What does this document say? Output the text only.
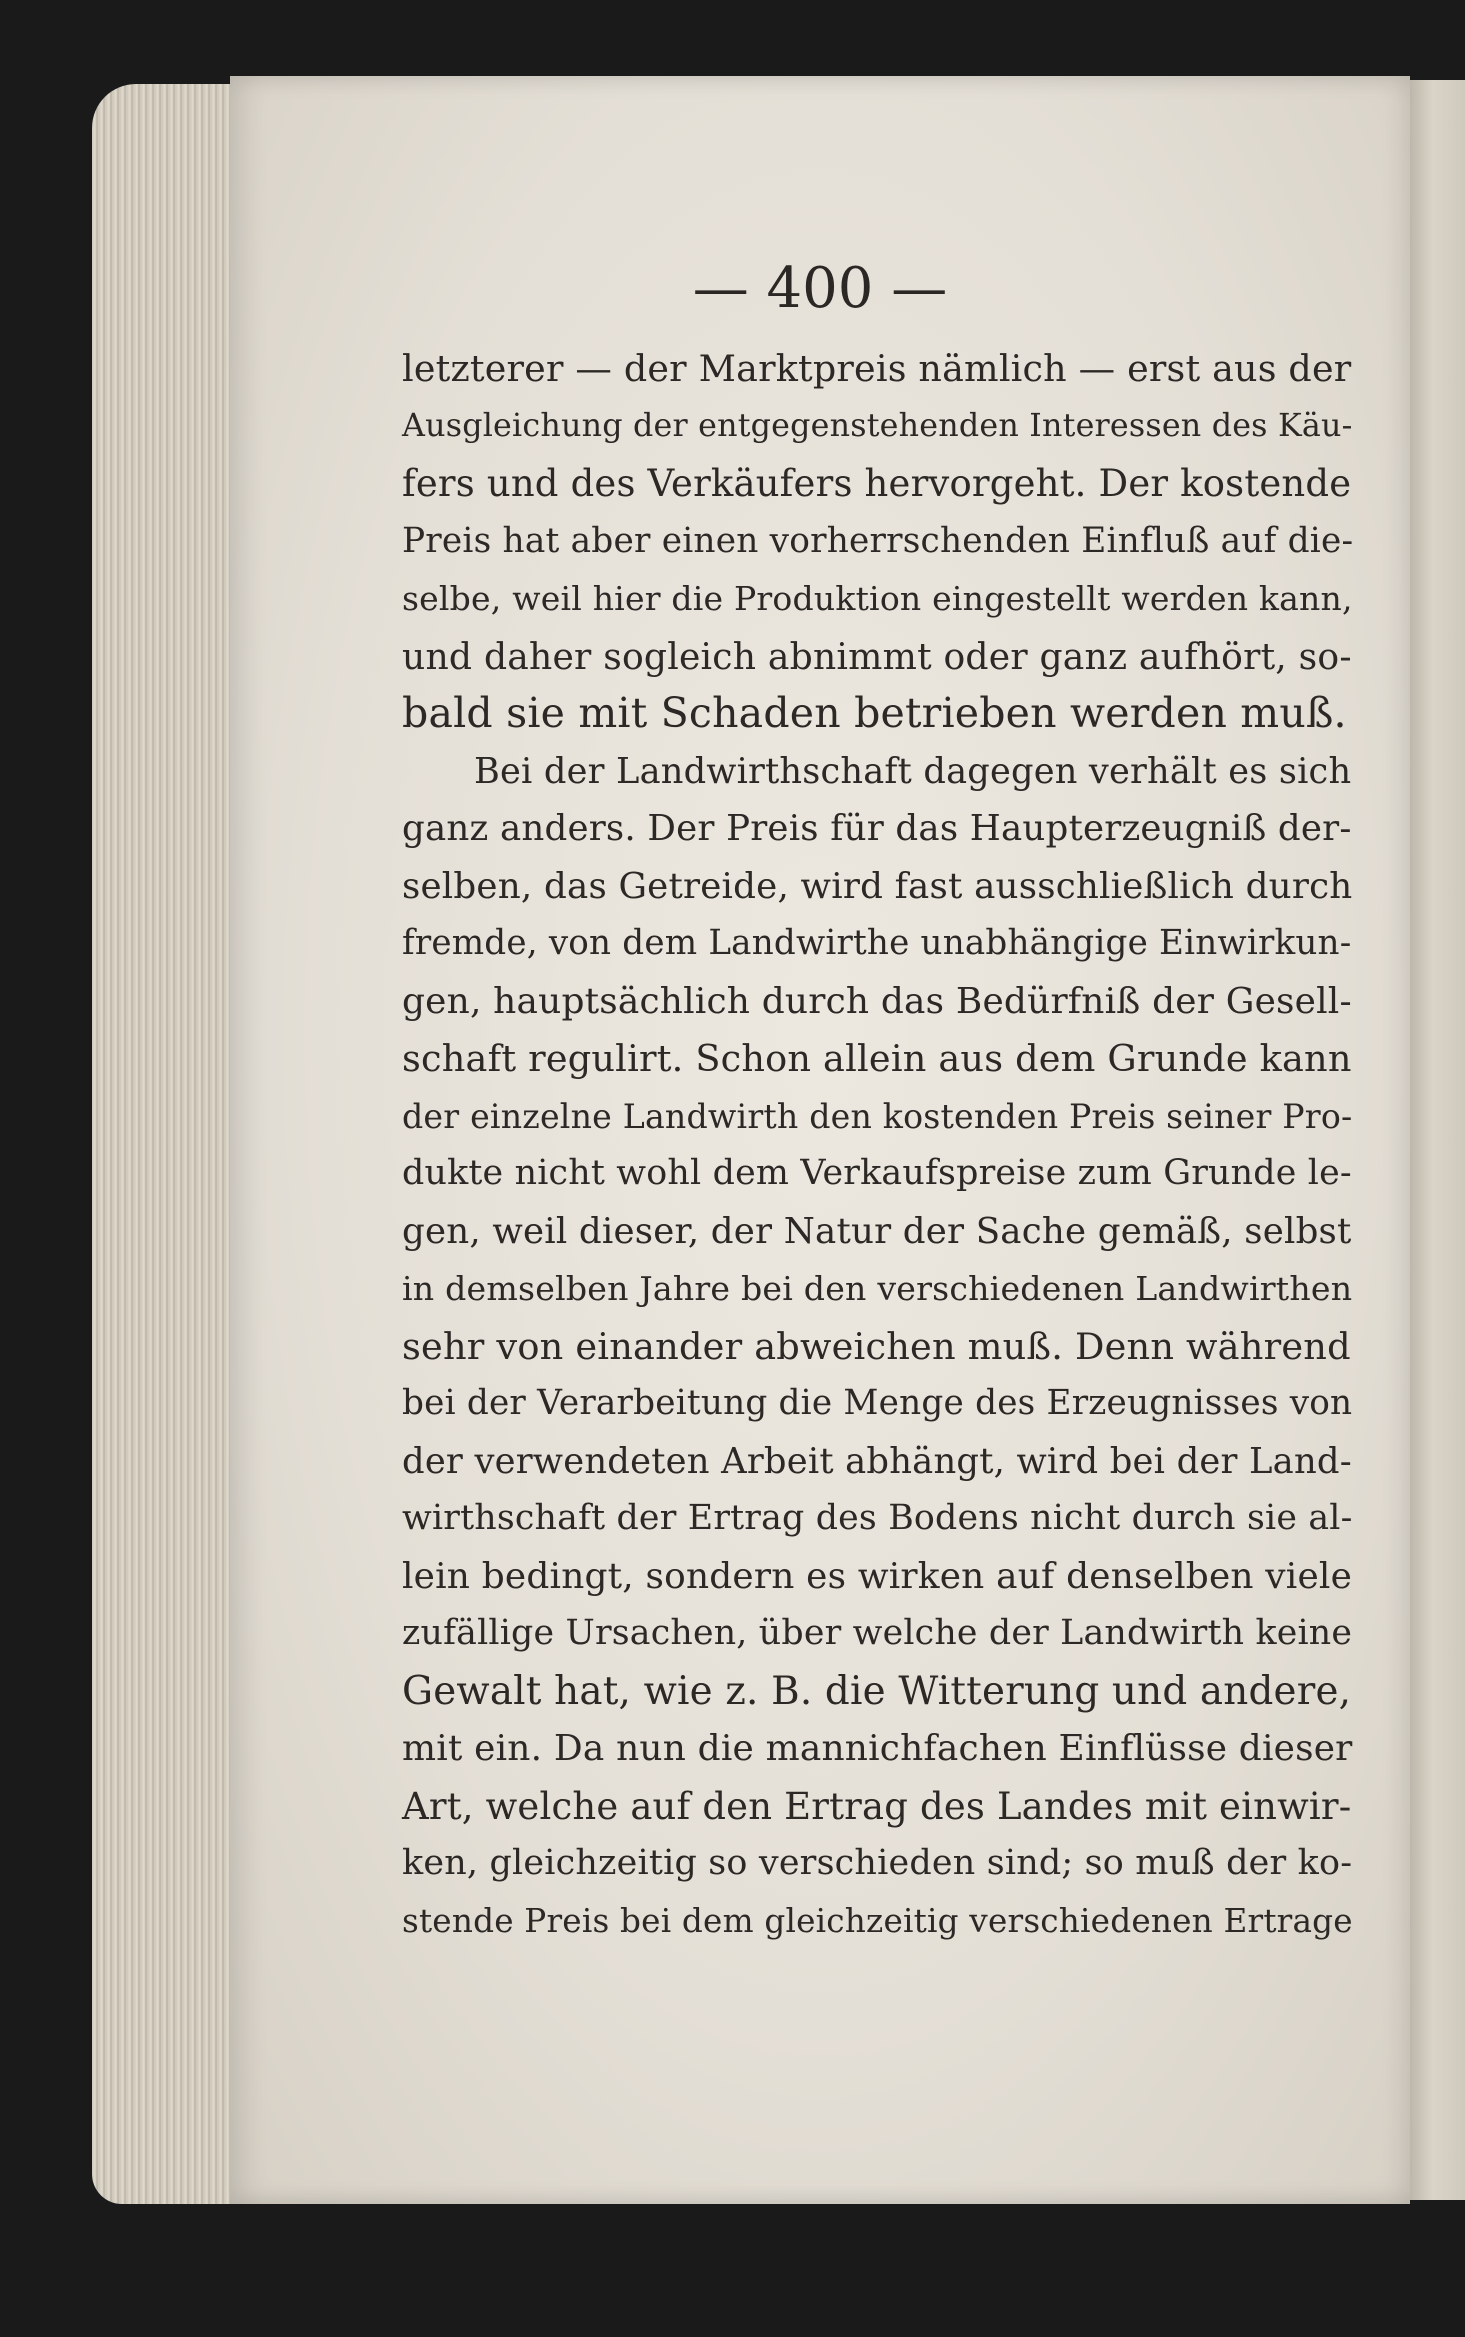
— 400 —
letzterer — der Marktpreis nämlich — erst aus der
Ausgleichung der entgegenstehenden Interessen des Käu-
fers und des Verkäufers hervorgeht. Der kostende
Preis hat aber einen vorherrschenden Einfluß auf die-
selbe, weil hier die Produktion eingestellt werden kann,
und daher sogleich abnimmt oder ganz aufhört, so-
bald sie mit Schaden betrieben werden muß.
Bei der Landwirthschaft dagegen verhält es sich
ganz anders. Der Preis für das Haupterzeugniß der-
selben, das Getreide, wird fast ausschließlich durch
fremde, von dem Landwirthe unabhängige Einwirkun-
gen, hauptsächlich durch das Bedürfniß der Gesell-
schaft regulirt. Schon allein aus dem Grunde kann
der einzelne Landwirth den kostenden Preis seiner Pro-
dukte nicht wohl dem Verkaufspreise zum Grunde le-
gen, weil dieser, der Natur der Sache gemäß, selbst
in demselben Jahre bei den verschiedenen Landwirthen
sehr von einander abweichen muß. Denn während
bei der Verarbeitung die Menge des Erzeugnisses von
der verwendeten Arbeit abhängt, wird bei der Land-
wirthschaft der Ertrag des Bodens nicht durch sie al-
lein bedingt, sondern es wirken auf denselben viele
zufällige Ursachen, über welche der Landwirth keine
Gewalt hat, wie z. B. die Witterung und andere,
mit ein. Da nun die mannichfachen Einflüsse dieser
Art, welche auf den Ertrag des Landes mit einwir-
ken, gleichzeitig so verschieden sind; so muß der ko-
stende Preis bei dem gleichzeitig verschiedenen Ertrage
